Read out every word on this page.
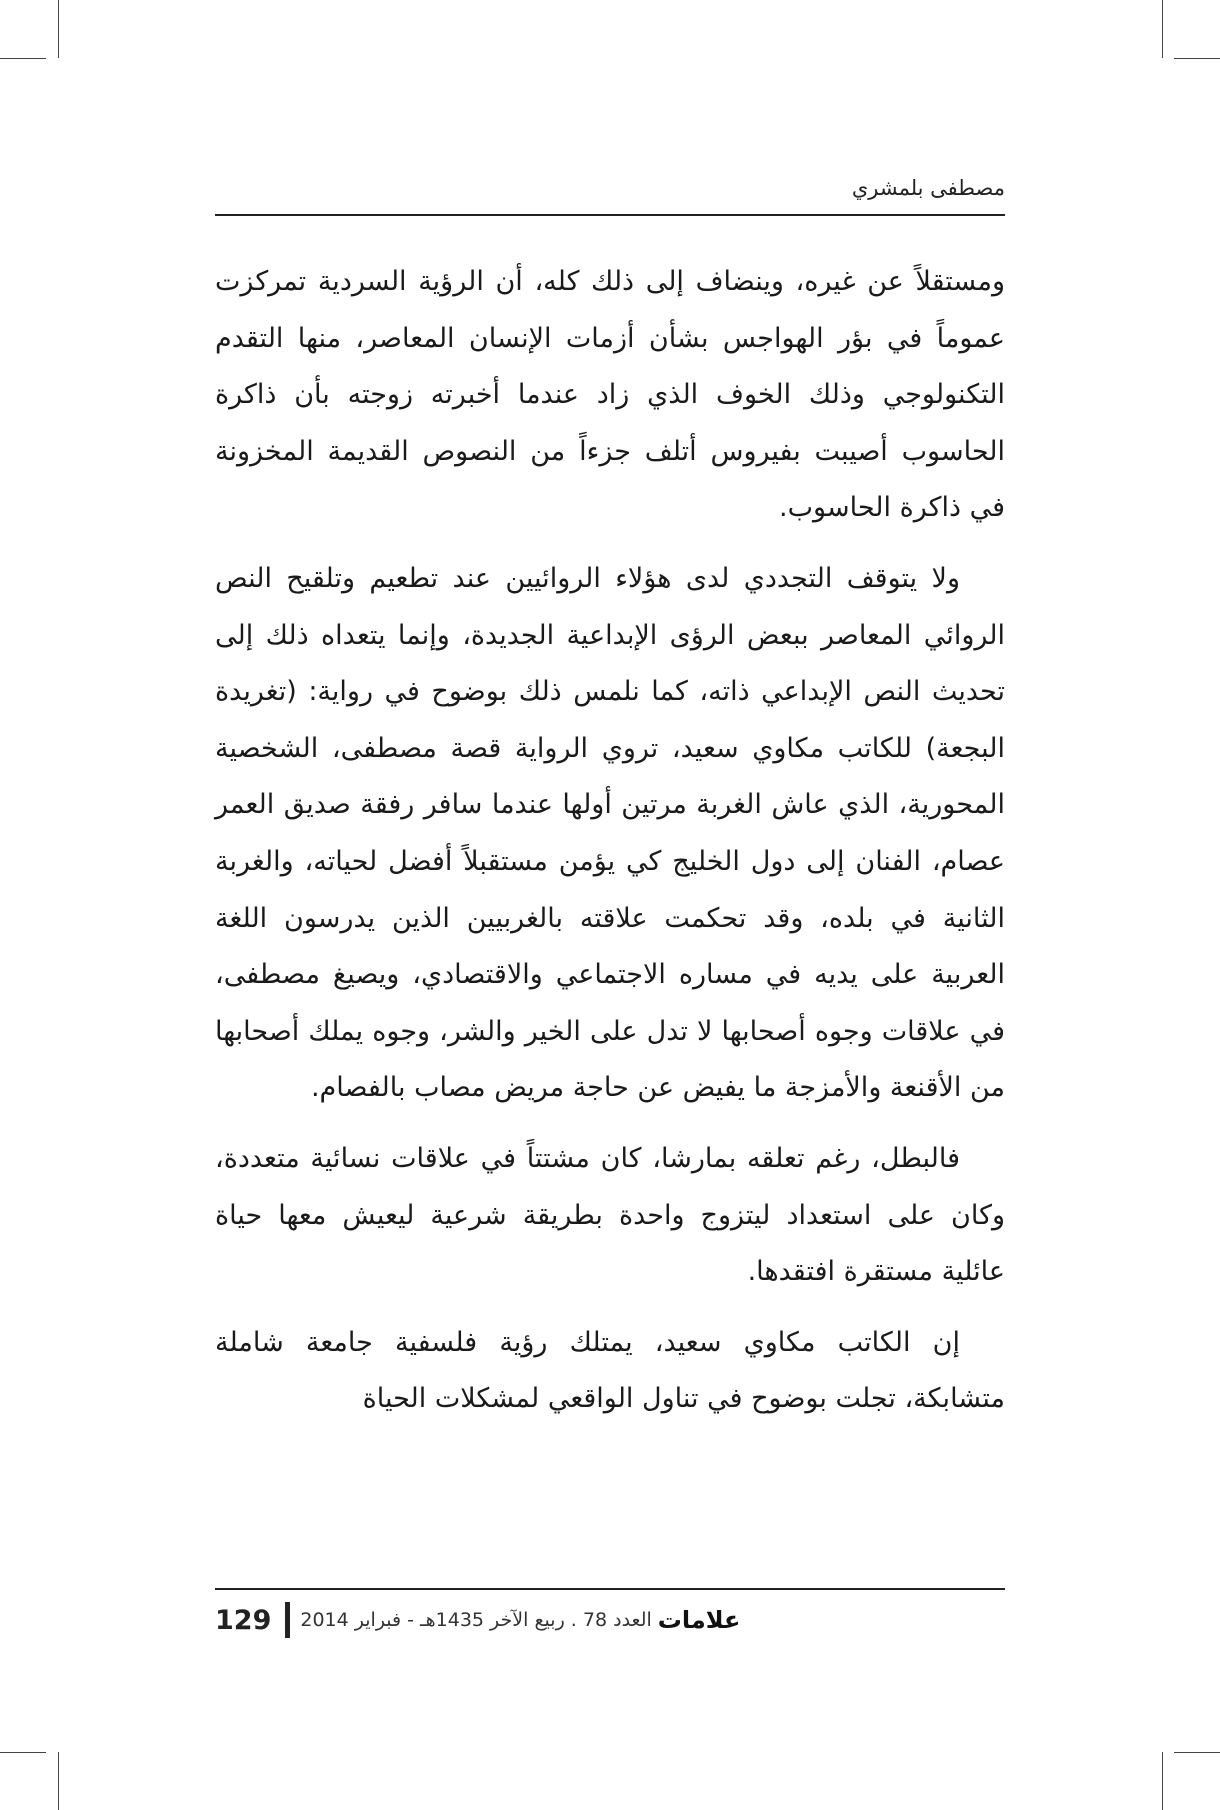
مصطفى بلمشري

ومستقلاً عن غيره، وينضاف إلى ذلك كله، أن الرؤية السردية تمركزت عموماً في بؤر الهواجس بشأن أزمات الإنسان المعاصر، منها التقدم التكنولوجي وذلك الخوف الذي زاد عندما أخبرته زوجته بأن ذاكرة الحاسوب أصيبت بفيروس أتلف جزءاً من النصوص القديمة المخزونة في ذاكرة الحاسوب.

ولا يتوقف التجددي لدى هؤلاء الروائيين عند تطعيم وتلقيح النص الروائي المعاصر ببعض الرؤى الإبداعية الجديدة، وإنما يتعداه ذلك إلى تحديث النص الإبداعي ذاته، كما نلمس ذلك بوضوح في رواية: (تغريدة البجعة) للكاتب مكاوي سعيد، تروي الرواية قصة مصطفى، الشخصية المحورية، الذي عاش الغربة مرتين أولها عندما سافر رفقة صديق العمر عصام، الفنان إلى دول الخليج كي يؤمن مستقبلاً أفضل لحياته، والغربة الثانية في بلده، وقد تحكمت علاقته بالغربيين الذين يدرسون اللغة العربية على يديه في مساره الاجتماعي والاقتصادي، ويصيغ مصطفى، في علاقات وجوه أصحابها لا تدل على الخير والشر، وجوه يملك أصحابها من الأقنعة والأمزجة ما يفيض عن حاجة مريض مصاب بالفصام.

فالبطل، رغم تعلقه بمارشا، كان مشتتاً في علاقات نسائية متعددة، وكان على استعداد ليتزوج واحدة بطريقة شرعية ليعيش معها حياة عائلية مستقرة افتقدها.

إن الكاتب مكاوي سعيد، يمتلك رؤية فلسفية جامعة شاملة متشابكة، تجلت بوضوح في تناول الواقعي لمشكلات الحياة

129	العدد 78 . ربيع الآخر 1435هـ - فبراير 2014 علامات
